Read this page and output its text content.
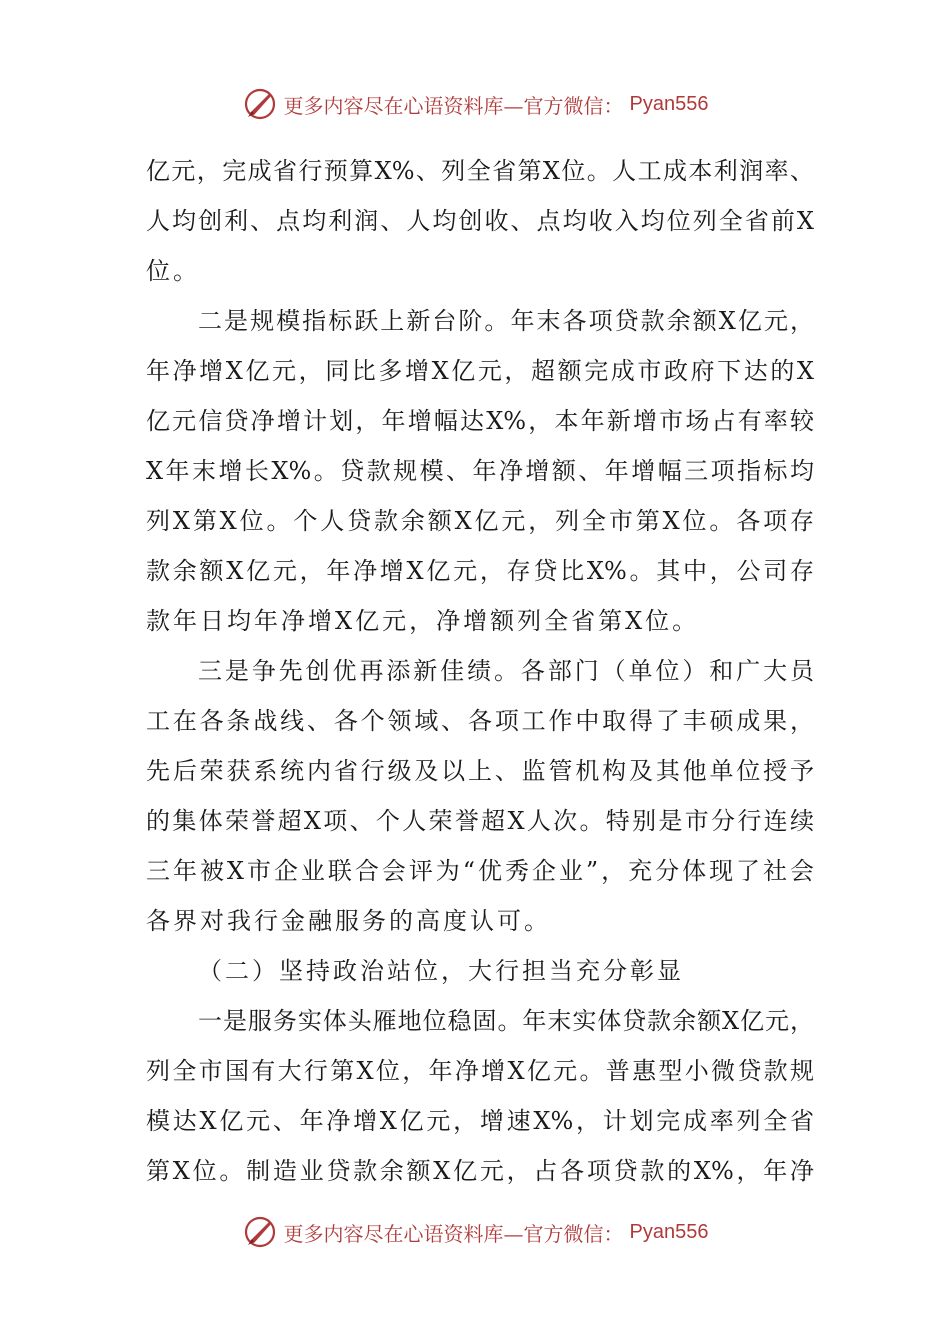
更多内容尽在心语资料库—官方微信： Pyan556
亿元，完成省行预算X%、列全省第X位。人工成本利润率、
人均创利、点均利润、人均创收、点均收入均位列全省前X
位。
二是规模指标跃上新台阶。年末各项贷款余额X亿元，
年净增X亿元，同比多增X亿元，超额完成市政府下达的X
亿元信贷净增计划，年增幅达X%，本年新增市场占有率较
X年末增长X%。贷款规模、年净增额、年增幅三项指标均
列X第X位。个人贷款余额X亿元，列全市第X位。各项存
款余额X亿元，年净增X亿元，存贷比X%。其中，公司存
款年日均年净增X亿元，净增额列全省第X位。
三是争先创优再添新佳绩。各部门（单位）和广大员
工在各条战线、各个领域、各项工作中取得了丰硕成果，
先后荣获系统内省行级及以上、监管机构及其他单位授予
的集体荣誉超X项、个人荣誉超X人次。特别是市分行连续
三年被X市企业联合会评为“优秀企业”，充分体现了社会
各界对我行金融服务的高度认可。
（二）坚持政治站位，大行担当充分彰显
一是服务实体头雁地位稳固。年末实体贷款余额X亿元，
列全市国有大行第X位，年净增X亿元。普惠型小微贷款规
模达X亿元、年净增X亿元，增速X%，计划完成率列全省
第X位。制造业贷款余额X亿元，占各项贷款的X%，年净
更多内容尽在心语资料库—官方微信： Pyan556
